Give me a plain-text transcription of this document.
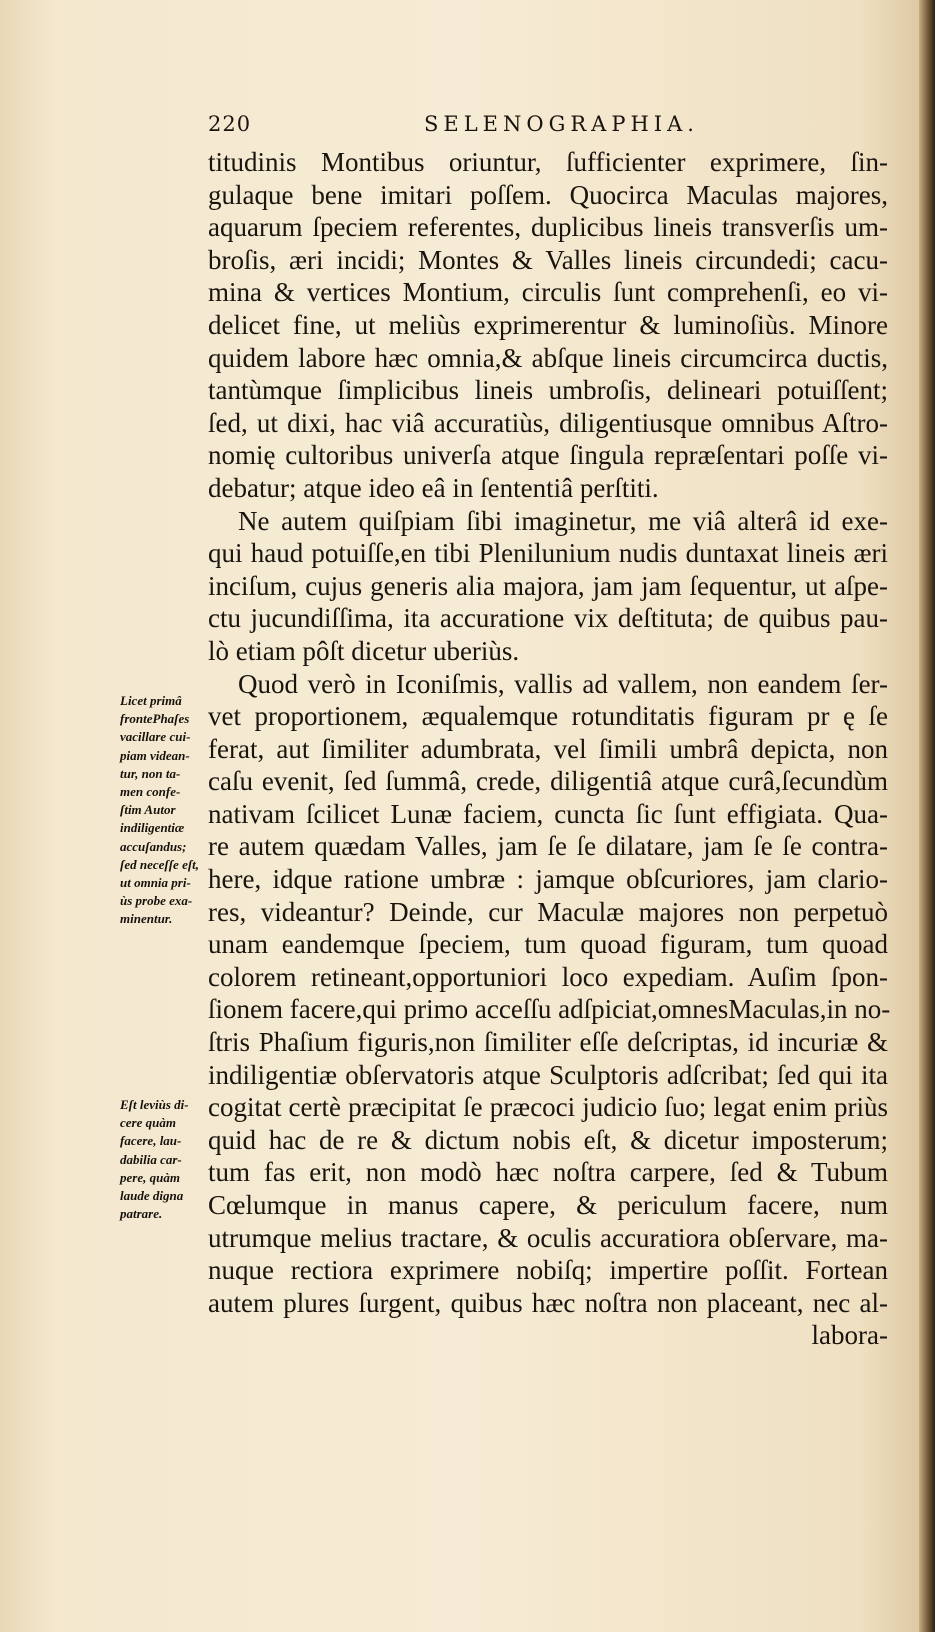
220	SELENOGRAPHIA.
titudinis Montibus oriuntur, ſufficienter exprimere, ſin-
gulaque bene imitari poſſem. Quocirca Maculas majores,
aquarum ſpeciem referentes, duplicibus lineis transverſis um-
broſis, æri incidi; Montes & Valles lineis circundedi; cacu-
mina & vertices Montium, circulis ſunt comprehenſi, eo vi-
delicet fine, ut meliùs exprimerentur & luminoſiùs. Minore
quidem labore hæc omnia,& abſque lineis circumcirca ductis,
tantùmque ſimplicibus lineis umbroſis, delineari potuiſſent;
ſed, ut dixi, hac viâ accuratiùs, diligentiusque omnibus Aſtro-
nomię cultoribus univerſa atque ſingula repræſentari poſſe vi-
debatur; atque ideo eâ in ſententiâ perſtiti.
Ne autem quiſpiam ſibi imaginetur, me viâ alterâ id exe-
qui haud potuiſſe,en tibi Plenilunium nudis duntaxat lineis æri
inciſum, cujus generis alia majora, jam jam ſequentur, ut aſpe-
ctu jucundiſſima, ita accuratione vix deſtituta; de quibus pau-
lò etiam pôſt dicetur uberiùs.
Quod verò in Iconiſmis, vallis ad vallem, non eandem ſer-
vet proportionem, æqualemque rotunditatis figuram pr ę ſe
ferat, aut ſimiliter adumbrata, vel ſimili umbrâ depicta, non
caſu evenit, ſed ſummâ, crede, diligentiâ atque curâ,ſecundùm
nativam ſcilicet Lunæ faciem, cuncta ſic ſunt effigiata. Qua-
re autem quædam Valles, jam ſe ſe dilatare, jam ſe ſe contra-
here, idque ratione umbræ : jamque obſcuriores, jam clario-
res, videantur? Deinde, cur Maculæ majores non perpetuò
unam eandemque ſpeciem, tum quoad figuram, tum quoad
colorem retineant,opportuniori loco expediam. Auſim ſpon-
ſionem facere,qui primo acceſſu adſpiciat,omnesMaculas,in no-
ſtris Phaſium figuris,non ſimiliter eſſe deſcriptas, id incuriæ &
indiligentiæ obſervatoris atque Sculptoris adſcribat; ſed qui ita
cogitat certè præcipitat ſe præcoci judicio ſuo; legat enim priùs
quid hac de re & dictum nobis eſt, & dicetur imposterum;
tum fas erit, non modò hæc noſtra carpere, ſed & Tubum
Cœlumque in manus capere, & periculum facere, num
utrumque melius tractare, & oculis accuratiora obſervare, ma-
nuque rectiora exprimere nobiſq; impertire poſſit. Fortean
autem plures ſurgent, quibus hæc noſtra non placeant, nec al-
labora-
Licet primâ
frontePhaſes
vacillare cui-
piam videan-
tur, non ta-
men confe-
ſtim Autor
indiligentiæ
accuſandus;
ſed neceſſe eſt,
ut omnia pri-
ùs probe exa-
minentur.
Eſt leviùs di-
cere quàm
facere, lau-
dabilia car-
pere, quàm
laude digna
patrare.
